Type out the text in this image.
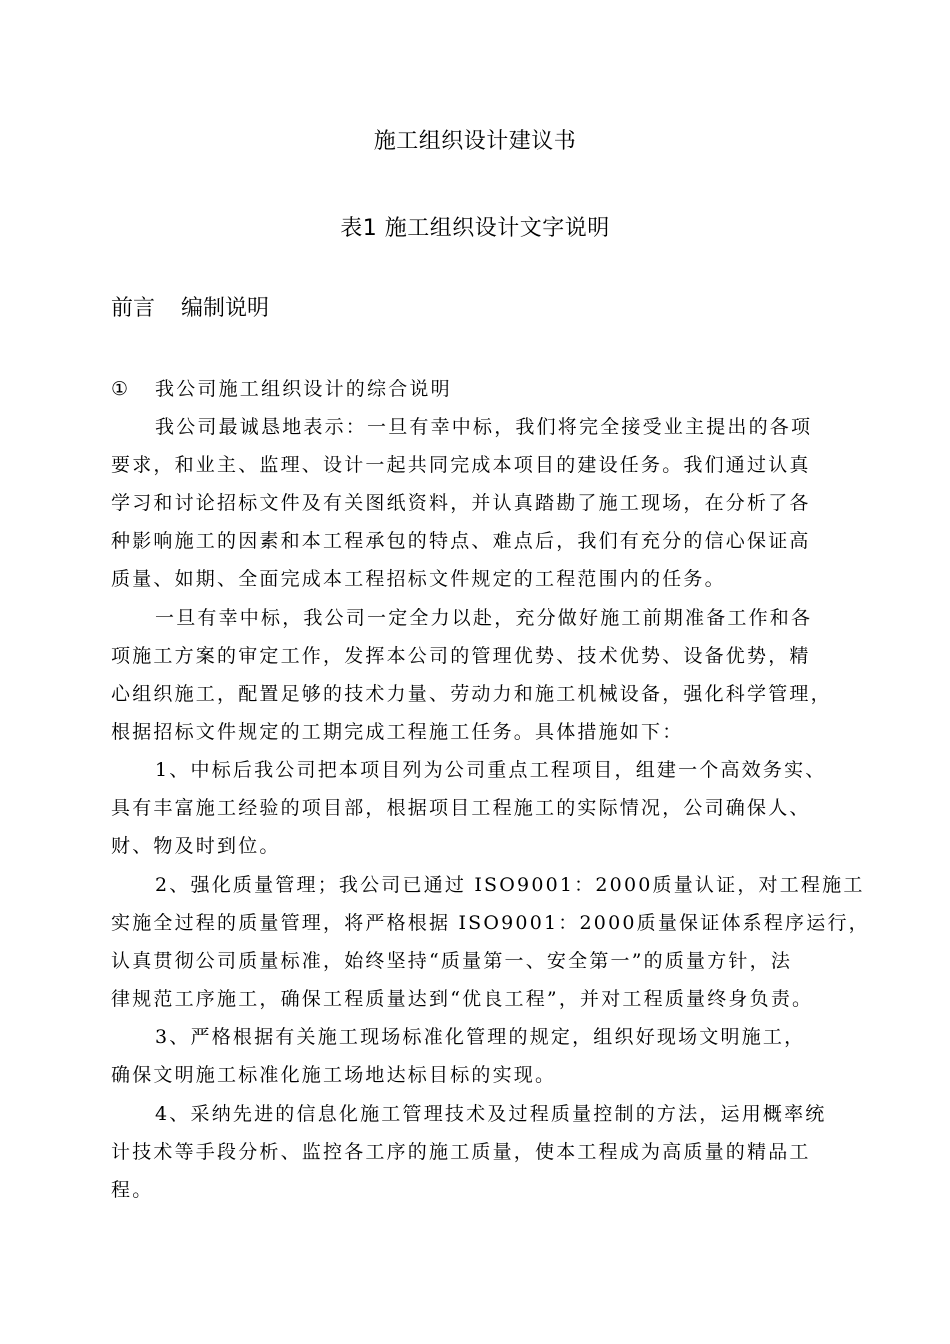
施工组织设计建议书
表1 施工组织设计文字说明
前言 编制说明
① 我公司施工组织设计的综合说明
我公司最诚恳地表示：一旦有幸中标，我们将完全接受业主提出的各项
要求，和业主、监理、设计一起共同完成本项目的建设任务。我们通过认真
学习和讨论招标文件及有关图纸资料，并认真踏勘了施工现场，在分析了各
种影响施工的因素和本工程承包的特点、难点后，我们有充分的信心保证高
质量、如期、全面完成本工程招标文件规定的工程范围内的任务。
一旦有幸中标，我公司一定全力以赴，充分做好施工前期准备工作和各
项施工方案的审定工作，发挥本公司的管理优势、技术优势、设备优势，精
心组织施工，配置足够的技术力量、劳动力和施工机械设备，强化科学管理，
根据招标文件规定的工期完成工程施工任务。具体措施如下：
1、中标后我公司把本项目列为公司重点工程项目，组建一个高效务实、
具有丰富施工经验的项目部，根据项目工程施工的实际情况，公司确保人、
财、物及时到位。
2、强化质量管理；我公司已通过 ISO9001：2000质量认证，对工程施工
实施全过程的质量管理，将严格根据 ISO9001：2000质量保证体系程序运行，
认真贯彻公司质量标准，始终坚持“质量第一、安全第一”的质量方针，法
律规范工序施工，确保工程质量达到“优良工程”，并对工程质量终身负责。
3、严格根据有关施工现场标准化管理的规定，组织好现场文明施工，
确保文明施工标准化施工场地达标目标的实现。
4、采纳先进的信息化施工管理技术及过程质量控制的方法，运用概率统
计技术等手段分析、监控各工序的施工质量，使本工程成为高质量的精品工
程。
